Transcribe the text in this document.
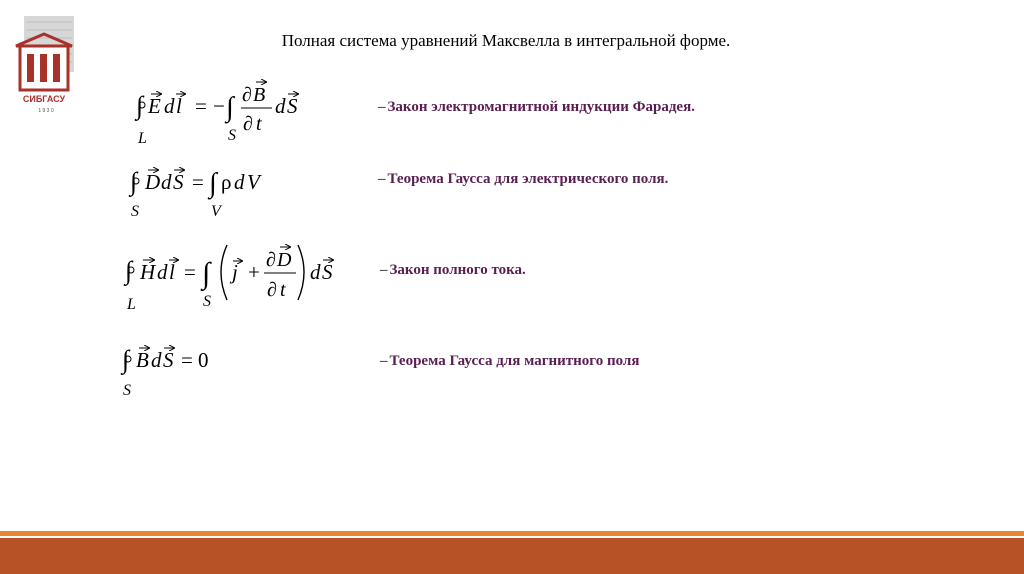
СИБГАСУ
1 9 3 0
Полная система уравнений Максвелла в интегральной форме.
∫ E d l = − ∫ ∂ B
∂ t
d S
L	S
∫ D d S = ∫ ρ d V
S	V
∫ H d l = ∫ j + ∂ D
∂ t
d S
L	S
∫ B d S = 0
S
– Закон электромагнитной индукции Фарадея.
– Теорема Гаусса для электрического поля.
– Закон полного тока.
– Теорема Гаусса для магнитного поля
